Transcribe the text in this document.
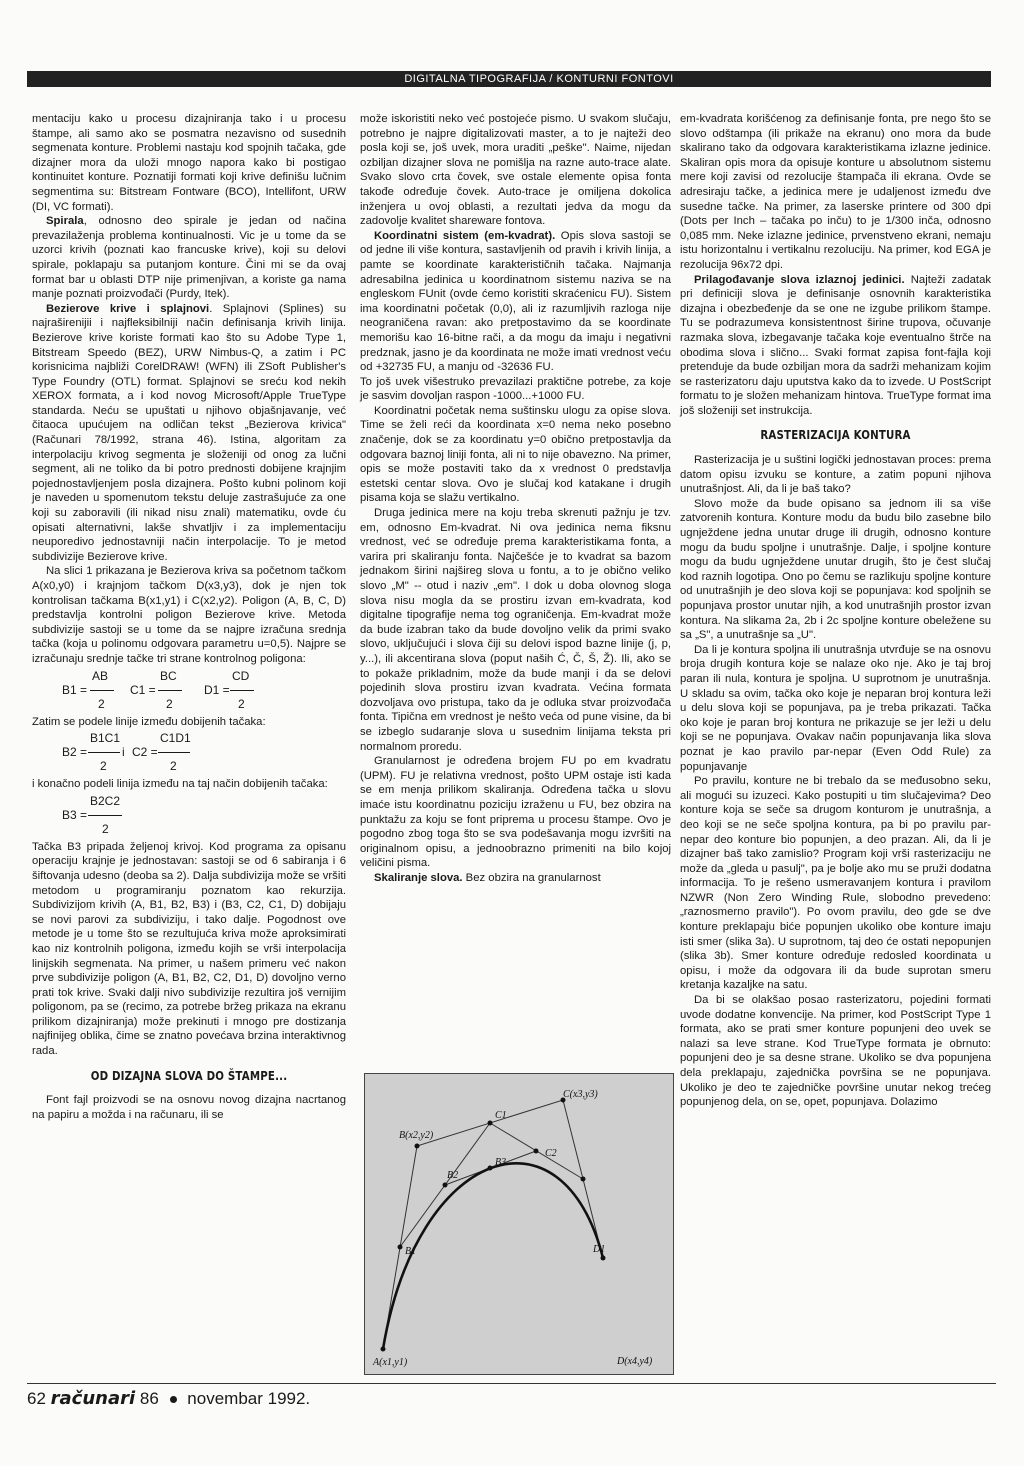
DIGITALNA TIPOGRAFIJA / KONTURNI FONTOVI

mentaciju kako u procesu dizajniranja tako i u procesu štampe, ali samo ako se posmatra nezavisno od susednih segmenata konture. Problemi nastaju kod spojnih tačaka, gde dizajner mora da uloži mnogo napora kako bi postigao kontinuitet konture. Poznatiji formati koji krive definišu lučnim segmentima su: Bitstream Fontware (BCO), Intellifont, URW (DI, VC formati).

Spirala, odnosno deo spirale je jedan od načina prevazilaženja problema kontinualnosti. Vic je u tome da se uzorci krivih (poznati kao francuske krive), koji su delovi spirale, poklapaju sa putanjom konture. Čini mi se da ovaj format bar u oblasti DTP nije primenjivan, a koriste ga nama manje poznati proizvođači (Purdy, Itek).

Bezierove krive i splajnovi. Splajnovi (Splines) su najraširenijii i najfleksibilniji način definisanja krivih linija. Bezierove krive koriste formati kao što su Adobe Type 1, Bitstream Speedo (BEZ), URW Nimbus-Q, a zatim i PC korisnicima najbliži CorelDRAW! (WFN) ili ZSoft Publisher's Type Foundry (OTL) format. Splajnovi se sreću kod nekih XEROX formata, a i kod novog Microsoft/Apple TrueType standarda. Neću se upuštati u njihovo objašnjavanje, već čitaoca upućujem na odličan tekst „Bezierova krivica" (Računari 78/1992, strana 46). Istina, algoritam za interpolaciju krivog segmenta je složeniji od onog za lučni segment, ali ne toliko da bi potro prednosti dobijene krajnjim pojednostavljenjem posla dizajnera. Pošto kubni polinom koji je naveden u spomenutom tekstu deluje zastrašujuće za one koji su zaboravili (ili nikad nisu znali) matematiku, ovde ću opisati alternativni, lakše shvatljiv i za implementaciju neuporedivo jednostavniji način interpolacije. To je metod subdivizije Bezierove krive.

Na slici 1 prikazana je Bezierova kriva sa početnom tačkom A(x0,y0) i krajnjom tačkom D(x3,y3), dok je njen tok kontrolisan tačkama B(x1,y1) i C(x2,y2). Poligon (A, B, C, D) predstavlja kontrolni poligon Bezierove krive. Metoda subdivizije sastoji se u tome da se najpre izračuna srednja tačka (koja u polinomu odgovara parametru u=0,5). Najpre se izračunaju srednje tačke tri strane kontrolnog poligona:

AB	BC	CD
B1 =	C1 =	D1 =
2	2	2

Zatim se podele linije između dobijenih tačaka:

B1C1	C1D1
B2 =	i C2 =
2	2

i konačno podeli linija između na taj način dobijenih tačaka:

B2C2
B3 =
2

Tačka B3 pripada željenoj krivoj. Kod programa za opisanu operaciju krajnje je jednostavan: sastoji se od 6 sabiranja i 6 šiftovanja udesno (deoba sa 2). Dalja subdivizija može se vršiti metodom u programiranju poznatom kao rekurzija. Subdivizijom krivih (A, B1, B2, B3) i (B3, C2, C1, D) dobijaju se novi parovi za subdiviziju, i tako dalje. Pogodnost ove metode je u tome što se rezultujuća kriva može aproksimirati kao niz kontrolnih poligona, između kojih se vrši interpolacija linijskih segmenata. Na primer, u našem primeru već nakon prve subdivizije poligon (A, B1, B2, C2, D1, D) dovoljno verno prati tok krive. Svaki dalji nivo subdivizije rezultira još vernijim poligonom, pa se (recimo, za potrebe bržeg prikaza na ekranu prilikom dizajniranja) može prekinuti i mnogo pre dostizanja najfinijeg oblika, čime se znatno povećava brzina interaktivnog rada.

OD DIZAJNA SLOVA DO ŠTAMPE...

Font fajl proizvodi se na osnovu novog dizajna nacrtanog na papiru a možda i na računaru, ili se

može iskoristiti neko već postojeće pismo. U svakom slučaju, potrebno je najpre digitalizovati master, a to je najteži deo posla koji se, još uvek, mora uraditi „peške". Naime, nijedan ozbiljan dizajner slova ne pomišlja na razne auto-trace alate. Svako slovo crta čovek, sve ostale elemente opisa fonta takođe određuje čovek. Auto-trace je omiljena dokolica inženjera u ovoj oblasti, a rezultati jedva da mogu da zadovolje kvalitet shareware fontova.

Koordinatni sistem (em-kvadrat). Opis slova sastoji se od jedne ili više kontura, sastavljenih od pravih i krivih linija, a pamte se koordinate karakterističnih tačaka. Najmanja adresabilna jedinica u koordinatnom sistemu naziva se na engleskom FUnit (ovde ćemo koristiti skraćenicu FU). Sistem ima koordinatni početak (0,0), ali iz razumljivih razloga nije neograničena ravan: ako pretpostavimo da se koordinate memorišu kao 16-bitne rači, a da mogu da imaju i negativni predznak, jasno je da koordinata ne može imati vrednost veću od +32735 FU, a manju od -32636 FU.

To još uvek višestruko prevazilazi praktične potrebe, za koje je sasvim dovoljan raspon -1000...+1000 FU.

Koordinatni početak nema suštinsku ulogu za opise slova. Time se želi reći da koordinata x=0 nema neko posebno značenje, dok se za koordinatu y=0 obično pretpostavlja da odgovara baznoj liniji fonta, ali ni to nije obavezno. Na primer, opis se može postaviti tako da x vrednost 0 predstavlja estetski centar slova. Ovo je slučaj kod katakane i drugih pisama koja se slažu vertikalno.

Druga jedinica mere na koju treba skrenuti pažnju je tzv. em, odnosno Em-kvadrat. Ni ova jedinica nema fiksnu vrednost, već se određuje prema karakteristikama fonta, a varira pri skaliranju fonta. Najčešće je to kvadrat sa bazom jednakom širini najšireg slova u fontu, a to je obično veliko slovo „M" -- otud i naziv „em". I dok u doba olovnog sloga slova nisu mogla da se prostiru izvan em-kvadrata, kod digitalne tipografije nema tog ograničenja. Em-kvadrat može da bude izabran tako da bude dovoljno velik da primi svako slovo, uključujući i slova čiji su delovi ispod bazne linije (j, p, y...), ili akcentirana slova (poput naših Ć, Č, Š, Ž). Ili, ako se to pokaže prikladnim, može da bude manji i da se delovi pojedinih slova prostiru izvan kvadrata. Većina formata dozvoljava ovo pristupa, tako da je odluka stvar proizvođača fonta. Tipična em vrednost je nešto veća od pune visine, da bi se izbeglo sudaranje slova u susednim linijama teksta pri normalnom proredu.

Granularnost je određena brojem FU po em kvadratu (UPM). FU je relativna vrednost, pošto UPM ostaje isti kada se em menja prilikom skaliranja. Određena tačka u slovu imaće istu koordinatnu poziciju izraženu u FU, bez obzira na punktažu za koju se font priprema u procesu štampe. Ovo je pogodno zbog toga što se sva podešavanja mogu izvršiti na originalnom opisu, a jednoobrazno primeniti na bilo kojoj veličini pisma.

Skaliranje slova. Bez obzira na granularnost

A(x1,y1)
B(x2,y2)
C(x3,y3)
D(x4,y4)
B1
B2
B3
C1
C2
D1

em-kvadrata korišćenog za definisanje fonta, pre nego što se slovo odštampa (ili prikaže na ekranu) ono mora da bude skalirano tako da odgovara karakteristikama izlazne jedinice. Skaliran opis mora da opisuje konture u absolutnom sistemu mere koji zavisi od rezolucije štampača ili ekrana. Ovde se adresiraju tačke, a jedinica mere je udaljenost između dve susedne tačke. Na primer, za laserske printere od 300 dpi (Dots per Inch – tačaka po inču) to je 1/300 inča, odnosno 0,085 mm. Neke izlazne jedinice, prvenstveno ekrani, nemaju istu horizontalnu i vertikalnu rezoluciju. Na primer, kod EGA je rezolucija 96x72 dpi.

Prilagođavanje slova izlaznoj jedinici. Najteži zadatak pri definiciji slova je definisanje osnovnih karakteristika dizajna i obezbeđenje da se one ne izgube prilikom štampe. Tu se podrazumeva konsistentnost širine trupova, očuvanje razmaka slova, izbegavanje tačaka koje eventualno štrče na obodima slova i slično... Svaki format zapisa font-fajla koji pretenduje da bude ozbiljan mora da sadrži mehanizam kojim se rasterizatoru daju uputstva kako da to izvede. U PostScript formatu to je složen mehanizam hintova. TrueType format ima još složeniji set instrukcija.

RASTERIZACIJA KONTURA

Rasterizacija je u suštini logički jednostavan proces: prema datom opisu izvuku se konture, a zatim popuni njihova unutrašnjost. Ali, da li je baš tako?

Slovo može da bude opisano sa jednom ili sa više zatvorenih kontura. Konture modu da budu bilo zasebne bilo ugnježdene jedna unutar druge ili drugih, odnosno konture mogu da budu spoljne i unutrašnje. Dalje, i spoljne konture mogu da budu ugnježdene unutar drugih, što je čest slučaj kod raznih logotipa. Ono po čemu se razlikuju spoljne konture od unutrašnjih je deo slova koji se popunjava: kod spoljnih se popunjava prostor unutar njih, a kod unutrašnjih prostor izvan kontura. Na slikama 2a, 2b i 2c spoljne konture obeležene su sa „S", a unutrašnje sa „U".

Da li je kontura spoljna ili unutrašnja utvrđuje se na osnovu broja drugih kontura koje se nalaze oko nje. Ako je taj broj paran ili nula, kontura je spoljna. U suprotnom je unutrašnja. U skladu sa ovim, tačka oko koje je neparan broj kontura leži u delu slova koji se popunjava, pa je treba prikazati. Tačka oko koje je paran broj kontura ne prikazuje se jer leži u delu koji se ne popunjava. Ovakav način popunjavanja lika slova poznat je kao pravilo par-nepar (Even Odd Rule) za popunjavanje

Po pravilu, konture ne bi trebalo da se međusobno seku, ali mogući su izuzeci. Kako postupiti u tim slučajevima? Deo konture koja se seče sa drugom konturom je unutrašnja, a deo koji se ne seče spoljna kontura, pa bi po pravilu par-nepar deo konture bio popunjen, a deo prazan. Ali, da li je dizajner baš tako zamislio? Program koji vrši rasterizaciju ne može da „gleda u pasulj", pa je bolje ako mu se pruži dodatna informacija. To je rešeno usmeravanjem kontura i pravilom NZWR (Non Zero Winding Rule, slobodno prevedeno: „raznosmerno pravilo"). Po ovom pravilu, deo gde se dve konture preklapaju biće popunjen ukoliko obe konture imaju isti smer (slika 3a). U suprotnom, taj deo će ostati nepopunjen (slika 3b). Smer konture određuje redosled koordinata u opisu, i može da odgovara ili da bude suprotan smeru kretanja kazaljke na satu.

Da bi se olakšao posao rasterizatoru, pojedini formati uvode dodatne konvencije. Na primer, kod PostScript Type 1 formata, ako se prati smer konture popunjeni deo uvek se nalazi sa leve strane. Kod TrueType formata je obrnuto: popunjeni deo je sa desne strane. Ukoliko se dva popunjena dela preklapaju, zajednička površina se ne popunjava. Ukoliko je deo te zajedničke površine unutar nekog trećeg popunjenog dela, on se, opet, popunjava. Dolazimo

62 računari 86 novembar 1992.
